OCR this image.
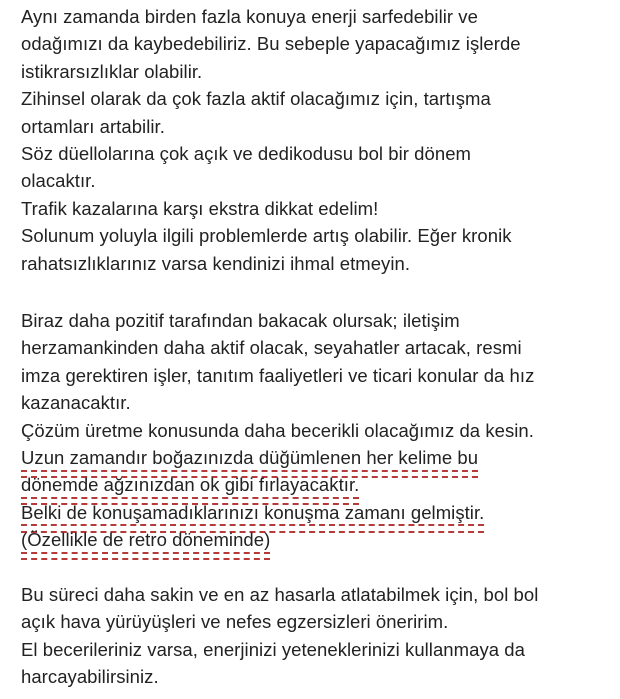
Aynı zamanda birden fazla konuya enerji sarfedebilir ve
odağımızı da kaybedebiliriz. Bu sebeple yapacağımız işlerde
istikrarsızlıklar olabilir.
Zihinsel olarak da çok fazla aktif olacağımız için, tartışma
ortamları artabilir.
Söz düellolarına çok açık ve dedikodusu bol bir dönem
olacaktır.
Trafik kazalarına karşı ekstra dikkat edelim!
Solunum yoluyla ilgili problemlerde artış olabilir. Eğer kronik
rahatsızlıklarınız varsa kendinizi ihmal etmeyin.
Biraz daha pozitif tarafından bakacak olursak; iletişim
herzamankinden daha aktif olacak, seyahatler artacak, resmi
imza gerektiren işler, tanıtım faaliyetleri ve ticari konular da hız
kazanacaktır.
Çözüm üretme konusunda daha becerikli olacağımız da kesin.
Uzun zamandır boğazınızda düğümlenen her kelime bu
dönemde ağzınızdan ok gibi fırlayacaktır.
Belki de konuşamadıklarınızı konuşma zamanı gelmiştir.
(Özellikle de retro döneminde)
Bu süreci daha sakin ve en az hasarla atlatabilmek için, bol bol
açık hava yürüyüşleri ve nefes egzersizleri öneririm.
El becerileriniz varsa, enerjinizi yeteneklerinizi kullanmaya da
harcayabilirsiniz.
